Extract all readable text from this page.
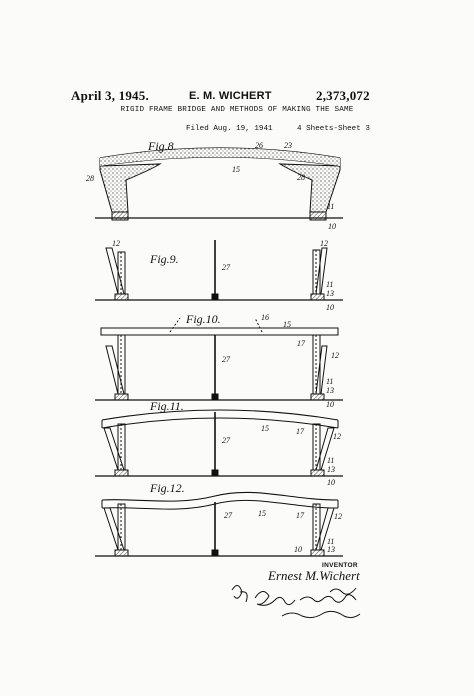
April 3, 1945.	E. M. WICHERT	2,373,072
RIGID FRAME BRIDGE AND METHODS OF MAKING THE SAME
Filed Aug. 19, 1941	4 Sheets-Sheet 3
Fig.8.	26	23
28
15
28
11
10
Fig.9.
12
27
12
11
13
10
Fig.10.	16
15
17
12
27
11
13
10
Fig.11.
15	17
12
27
11
13
10
Fig.12.
27	15	17	12
11
10	13
INVENTOR
Ernest M.Wichert
